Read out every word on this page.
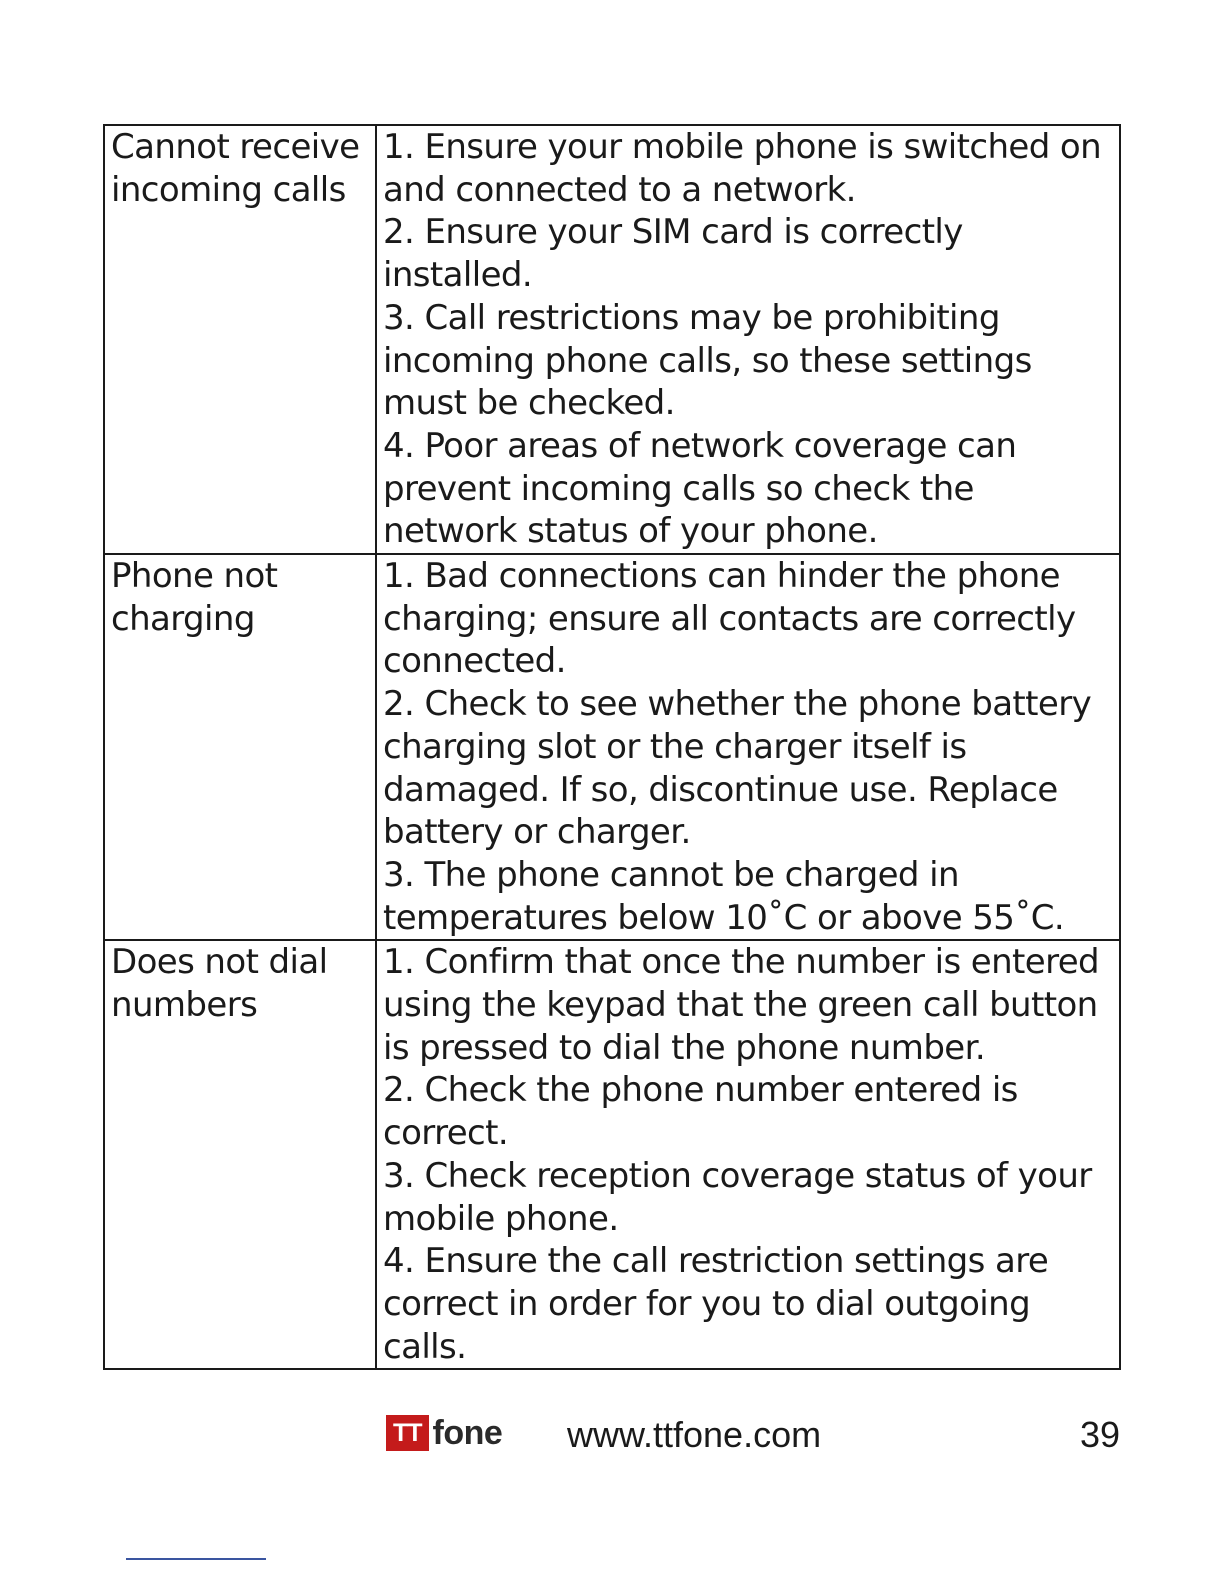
Cannot receive incoming calls	1. Ensure your mobile phone is switched on and connected to a network.
2. Ensure your SIM card is correctly installed.
3. Call restrictions may be prohibiting incoming phone calls, so these settings must be checked.
4. Poor areas of network coverage can prevent incoming calls so check the network status of your phone.

Phone not charging	1. Bad connections can hinder the phone charging; ensure all contacts are correctly connected.
2. Check to see whether the phone battery charging slot or the charger itself is damaged. If so, discontinue use. Replace battery or charger.
3. The phone cannot be charged in temperatures below 10˚C or above 55˚C.

Does not dial numbers	1. Confirm that once the number is entered using the keypad that the green call button is pressed to dial the phone number.
2. Check the phone number entered is correct.
3. Check reception coverage status of your mobile phone.
4. Ensure the call restriction settings are correct in order for you to dial outgoing calls.
TT fone www.ttfone.com	39
